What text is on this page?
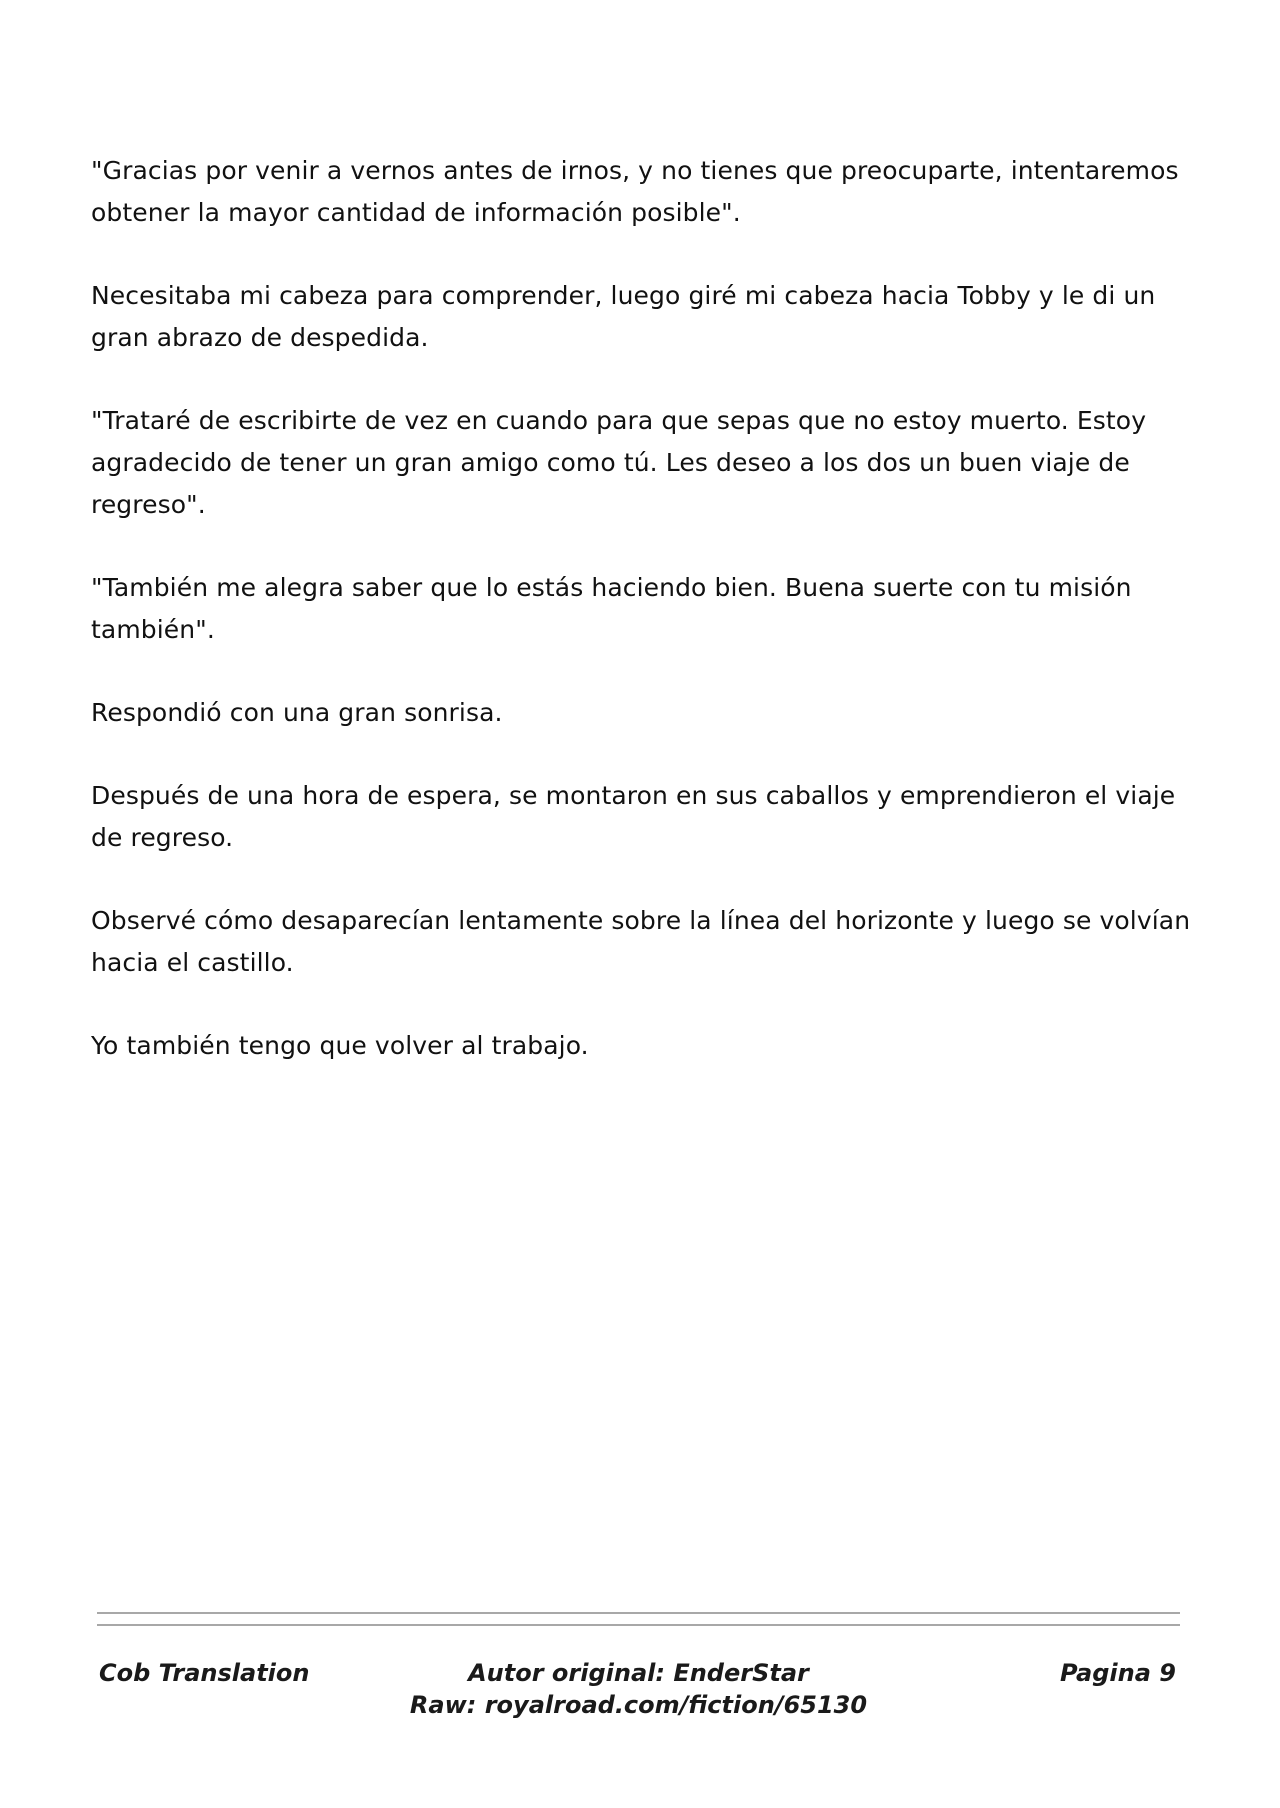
"Gracias por venir a vernos antes de irnos, y no tienes que preocuparte, intentaremos obtener la mayor cantidad de información posible".

Necesitaba mi cabeza para comprender, luego giré mi cabeza hacia Tobby y le di un gran abrazo de despedida.

"Trataré de escribirte de vez en cuando para que sepas que no estoy muerto. Estoy agradecido de tener un gran amigo como tú. Les deseo a los dos un buen viaje de regreso".

"También me alegra saber que lo estás haciendo bien. Buena suerte con tu misión también".

Respondió con una gran sonrisa.

Después de una hora de espera, se montaron en sus caballos y emprendieron el viaje de regreso.

Observé cómo desaparecían lentamente sobre la línea del horizonte y luego se volvían hacia el castillo.

Yo también tengo que volver al trabajo.

Cob Translation	Autor original: EnderStar
Raw: royalroad.com/fiction/65130
Pagina 9
